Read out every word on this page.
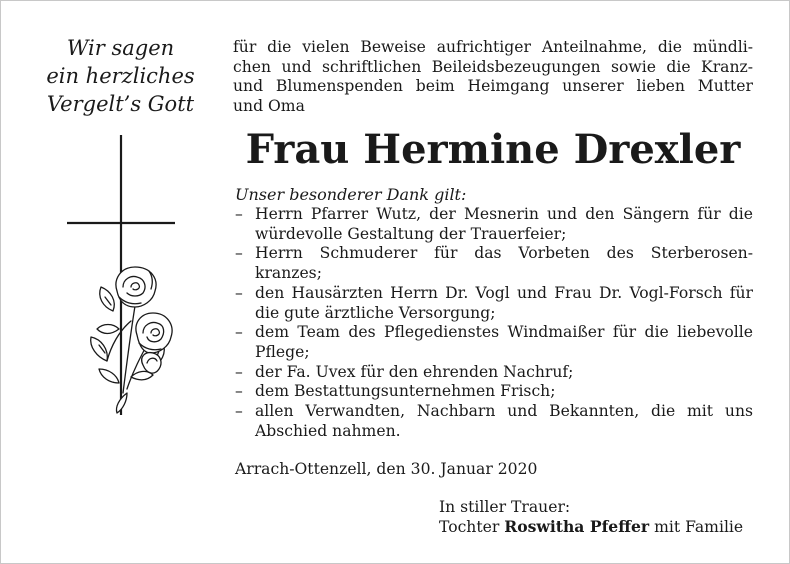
Wir sagen
ein herzliches
Vergelt’s Gott
für die vielen Beweise aufrichtiger Anteilnahme, die mündli-
chen und schriftlichen Beileidsbezeugungen sowie die Kranz-
und Blumenspenden beim Heimgang unserer lieben Mutter
und Oma
Frau Hermine Drexler
Unser besonderer Dank gilt:
– Herrn Pfarrer Wutz, der Mesnerin und den Sängern für die
würdevolle Gestaltung der Trauerfeier;
– Herrn Schmuderer für das Vorbeten des Sterberosen-
kranzes;
– den Hausärzten Herrn Dr. Vogl und Frau Dr. Vogl-Forsch für
die gute ärztliche Versorgung;
– dem Team des Pflegedienstes Windmaißer für die liebevolle
Pflege;
– der Fa. Uvex für den ehrenden Nachruf;
– dem Bestattungsunternehmen Frisch;
– allen Verwandten, Nachbarn und Bekannten, die mit uns
Abschied nahmen.
Arrach-Ottenzell, den 30. Januar 2020
In stiller Trauer:
Tochter Roswitha Pfeffer mit Familie
